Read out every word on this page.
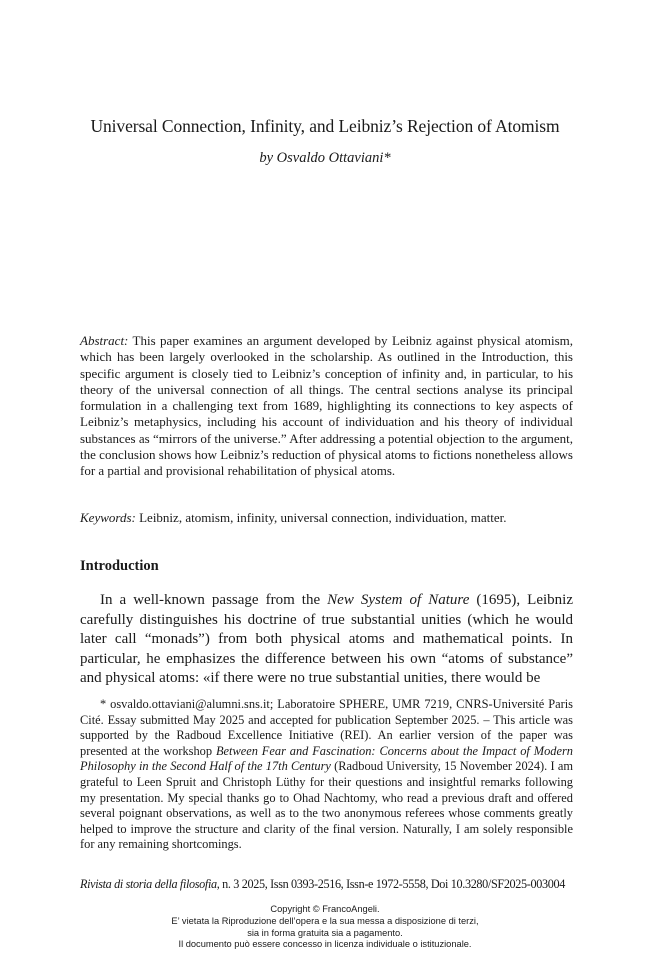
Universal Connection, Infinity, and Leibniz’s Rejection of Atomism
by Osvaldo Ottaviani*
Abstract: This paper examines an argument developed by Leibniz against physical atomism, which has been largely overlooked in the scholarship. As outlined in the Introduction, this specific argument is closely tied to Leibniz’s conception of infinity and, in particular, to his theory of the universal connection of all things. The central sections analyse its principal formulation in a challenging text from 1689, highlighting its connections to key aspects of Leibniz’s metaphysics, including his account of individuation and his theory of individual substances as “mirrors of the universe.” After addressing a potential objection to the argument, the conclusion shows how Leibniz’s reduction of physical atoms to fictions nonetheless allows for a partial and provisional rehabilitation of physical atoms.
Keywords: Leibniz, atomism, infinity, universal connection, individuation, matter.
Introduction
In a well-known passage from the New System of Nature (1695), Leibniz carefully distinguishes his doctrine of true substantial unities (which he would later call “monads”) from both physical atoms and mathematical points. In particular, he emphasizes the difference between his own “atoms of substance” and physical atoms: «if there were no true substantial unities, there would be
* osvaldo.ottaviani@alumni.sns.it; Laboratoire SPHERE, UMR 7219, CNRS-Université Paris Cité. Essay submitted May 2025 and accepted for publication September 2025. – This article was supported by the Radboud Excellence Initiative (REI). An earlier version of the paper was presented at the workshop Between Fear and Fascination: Concerns about the Impact of Modern Philosophy in the Second Half of the 17th Century (Radboud University, 15 November 2024). I am grateful to Leen Spruit and Christoph Lüthy for their questions and insightful remarks following my presentation. My special thanks go to Ohad Nachtomy, who read a previous draft and offered several poignant observations, as well as to the two anonymous referees whose comments greatly helped to improve the structure and clarity of the final version. Naturally, I am solely responsible for any remaining shortcomings.
Rivista di storia della filosofia, n. 3 2025, Issn 0393-2516, Issn-e 1972-5558, Doi 10.3280/SF2025-003004
Copyright © FrancoAngeli.
E’ vietata la Riproduzione dell’opera e la sua messa a disposizione di terzi,
sia in forma gratuita sia a pagamento.
Il documento può essere concesso in licenza individuale o istituzionale.
